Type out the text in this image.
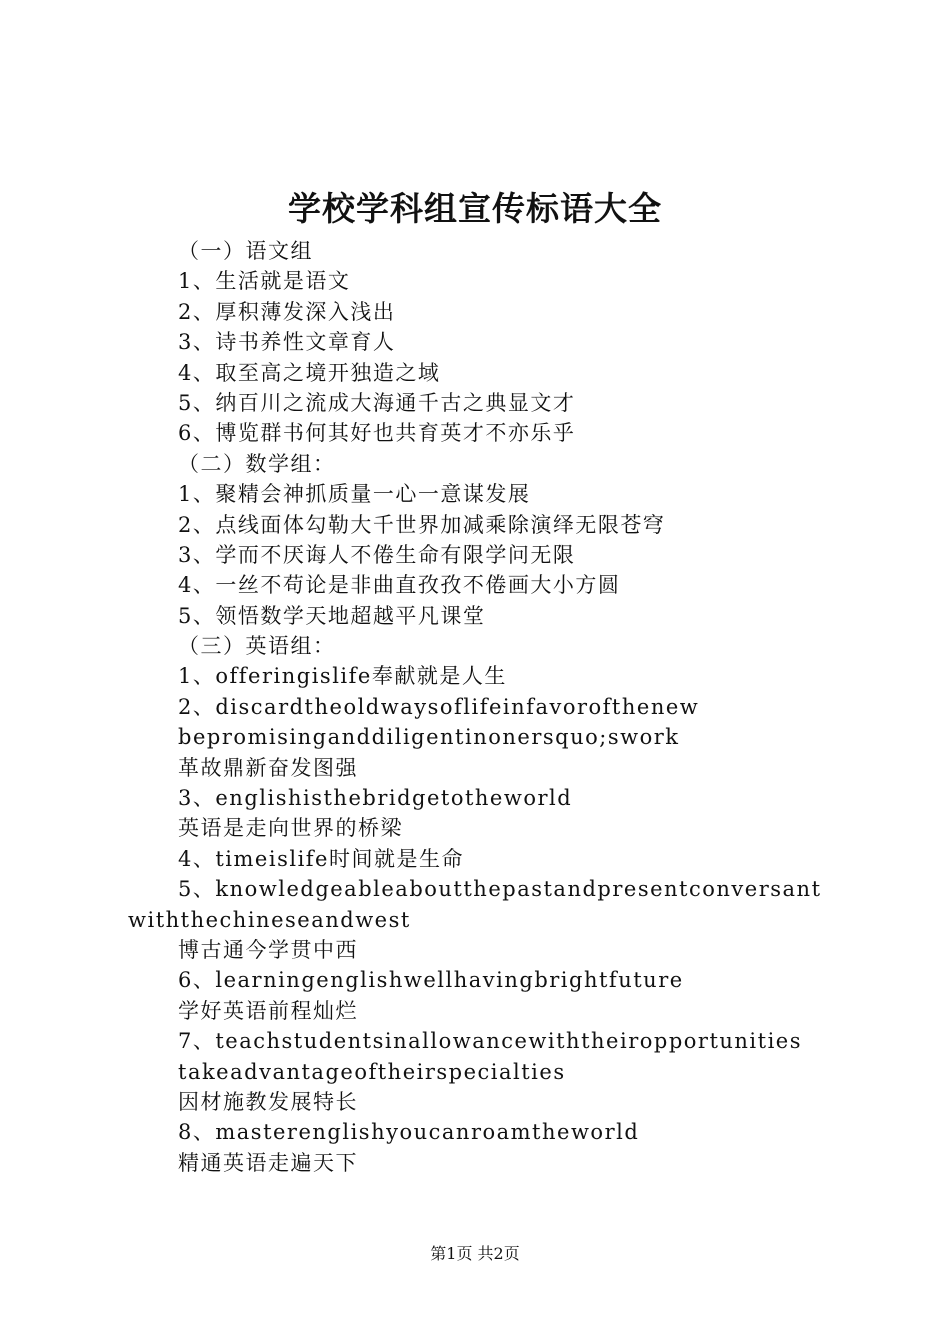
学校学科组宣传标语大全
（一）语文组
1、生活就是语文
2、厚积薄发深入浅出
3、诗书养性文章育人
4、取至高之境开独造之域
5、纳百川之流成大海通千古之典显文才
6、博览群书何其好也共育英才不亦乐乎
（二）数学组：
1、聚精会神抓质量一心一意谋发展
2、点线面体勾勒大千世界加减乘除演绎无限苍穹
3、学而不厌诲人不倦生命有限学问无限
4、一丝不苟论是非曲直孜孜不倦画大小方圆
5、领悟数学天地超越平凡课堂
（三）英语组：
1、offeringislife奉献就是人生
2、discardtheoldwaysoflifeinfavorofthenew
bepromisinganddiligentinonersquo;swork
革故鼎新奋发图强
3、englishisthebridgetotheworld
英语是走向世界的桥梁
4、timeislife时间就是生命
5、knowledgeableaboutthepastandpresentconversantwiththechineseandwest
博古通今学贯中西
6、learningenglishwellhavingbrightfuture
学好英语前程灿烂
7、teachstudentsinallowancewiththeiropportunities
takeadvantageoftheirspecialties
因材施教发展特长
8、masterenglishyoucanroamtheworld
精通英语走遍天下
第1页 共2页
